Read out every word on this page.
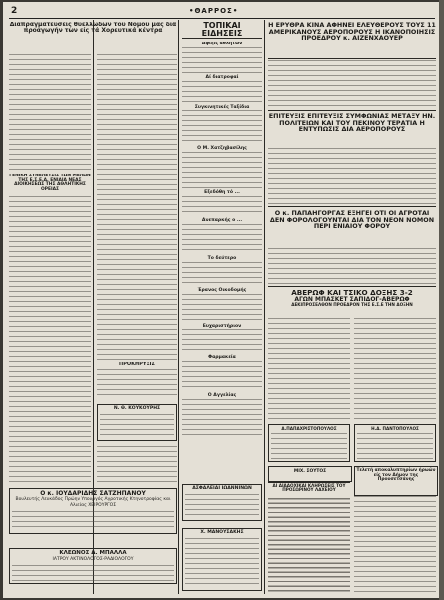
2	•ΘΑΡΡΟΣ•
Διαπραγματεύσεις θυελλωδών του Νομού μας διά προαγωγήν των είς τά Χορευτικά κέντρα
ΓΕΝΙΚΗ ΣΥΝΕΛΕΥΣΙΣ ΤΩΝ ΜΕΛΩΝ ΤΗΣ Ε.Σ.Ε.Α. ΕΝΙΑΙΑ ΝΕΑΣ ΔΙΟΙΚΗΣΕΩΣ ΤΗΣ ΑΘΛΗΤΙΚΗΣ ΟΡΕΙΑΣ
ΠΡΟΚΗΡΥΞΙΣ
Ο κ. ΙΟΥΔΑΡΙΔΗΣ ΣΑΤΖΗΠΑΝΟΥ
Βουλευτής Λευκάδος Πρώην Υπουργός Αγροτικής Κτηνοτροφίας και Αλιείας ΧΕΙΡΟΥΡΓΟΣ
ΚΛΕΩΝΟΣ Δ. ΜΠΑΛΛΑ
ΙΑΤΡΟΥ ΑΚΤΙΝΟΛΟΓΟΣ-ΡΑΔΙΟΛΟΓΟΥ
Ν. Θ. ΚΟΥΚΟΥΡΗΣ
ΤΟΠΙΚΑΙ ΕΙΔΗΣΕΙΣ
Άφιξις αθλητών
Αί διατροφαί
Συγκινητικές Ταξίδια
Ο Μ. Χατζηβασίλης
Εξεδόθη τό ...
Ανεπαρκής ο ...
Το δεύτερο
Έρανος Οικοδομής
Ευχαριστήριον
Φαρμακεία
Ο Αγγελίας
ΑΣΦΑΛΕΙΑΙ ΙΩΑΝΝΙΝΩΝ
Χ. ΜΑΝΟΥΣΑΚΗΣ
Η ΕΡΥΘΡΑ ΚΙΝΑ ΑΦΗΝΕΙ ΕΛΕΥΘΕΡΟΥΣ ΤΟΥΣ 11 ΑΜΕΡΙΚΑΝΟΥΣ ΑΕΡΟΠΟΡΟΥΣ Η ΙΚΑΝΟΠΟΙΗΣΙΣ ΠΡΟΕΔΡΟΥ κ. ΑΙΖΕΝΧΑΟΥΕΡ
ΕΠΙΤΕΥΞΙΣ ΕΠΙΤΕΥΞΙΣ ΣΥΜΦΩΝΙΑΣ ΜΕΤΑΞΥ ΗΝ. ΠΟΛΙΤΕΙΩΝ ΚΑΙ ΤΟΥ ΠΕΚΙΝΟΥ ΤΕΡΑΤΙΑ Η ΕΝΤΥΠΩΣΙΣ ΔΙΑ ΑΕΡΟΠΟΡΟΥΣ
Ο κ. ΠΑΠΑΗΓΟΡΓΑΣ ΕΞΗΓΕΙ ΟΤΙ ΟΙ ΑΓΡΟΤΑΙ ΔΕΝ ΦΟΡΟΛΟΓΟΥΝΤΑΙ ΔΙΑ ΤΟΝ ΝΕΟΝ ΝΟΜΟΝ ΠΕΡΙ ΕΝΙΑΙΟΥ ΦΟΡΟΥ
ΑΒΕΡΩΦ ΚΑΙ ΤΣΙΚΟ ΔΟΞΗΣ 3-2
ΑΓΩΝ ΜΠΑΣΚΕΤ ΣΑΠΙΔΟΓ-ΑΒΕΡΩΦ
ΔΕΚΙΠΡΟΣΕΛΘΟΝ ΠΡΟΕΔΡΟΝ ΤΗΣ Ε.Σ.Ε ΤΗΝ ΔΟΞΗΝ
Α.ΠΑΠΑΧΡΙΣΤΟΠΟΥΛΟΣ	Η.Δ. ΠΑΝΤΟΠΟΥΛΟΣ
Τελετή αποκαλυπτηρίων ήρωών είς τον Δήμον της Προυσετσάνης
ΜΙΧ. ΣΟΥΤΟΣ
ΑΙ ΔΙΑΔΟΧΙΚΑΙ ΚΛΗΡΩΣΕΙΣ ΤΟΥ ΠΡΟΣΩΡΙΝΟΥ ΛΑΧΕΙΟΥ
